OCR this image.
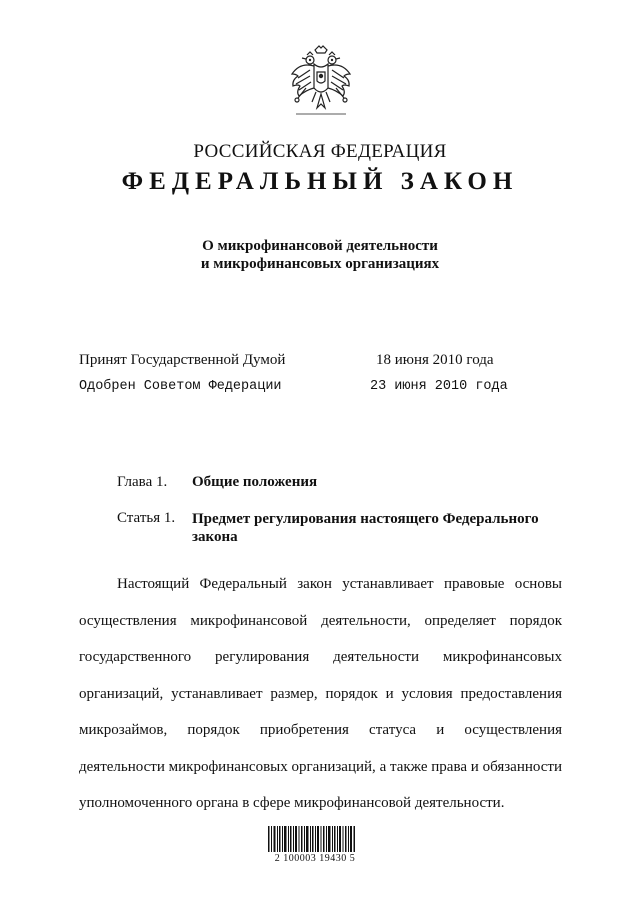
РОССИЙСКАЯ ФЕДЕРАЦИЯ
ФЕДЕРАЛЬНЫЙ ЗАКОН
О микрофинансовой деятельности
и микрофинансовых организациях
Принят Государственной Думой	18 июня 2010 года
Одобрен Советом Федерации	23 июня 2010 года
Глава 1. Общие положения
Статья 1. Предмет регулирования настоящего Федерального закона
Настоящий Федеральный закон устанавливает правовые основы осуществления микрофинансовой деятельности, определяет порядок государственного регулирования деятельности микрофинансовых организаций, устанавливает размер, порядок и условия предоставления микрозаймов, порядок приобретения статуса и осуществления деятельности микрофинансовых организаций, а также права и обязанности уполномоченного органа в сфере микрофинансовой деятельности.
2 100003 19430 5
